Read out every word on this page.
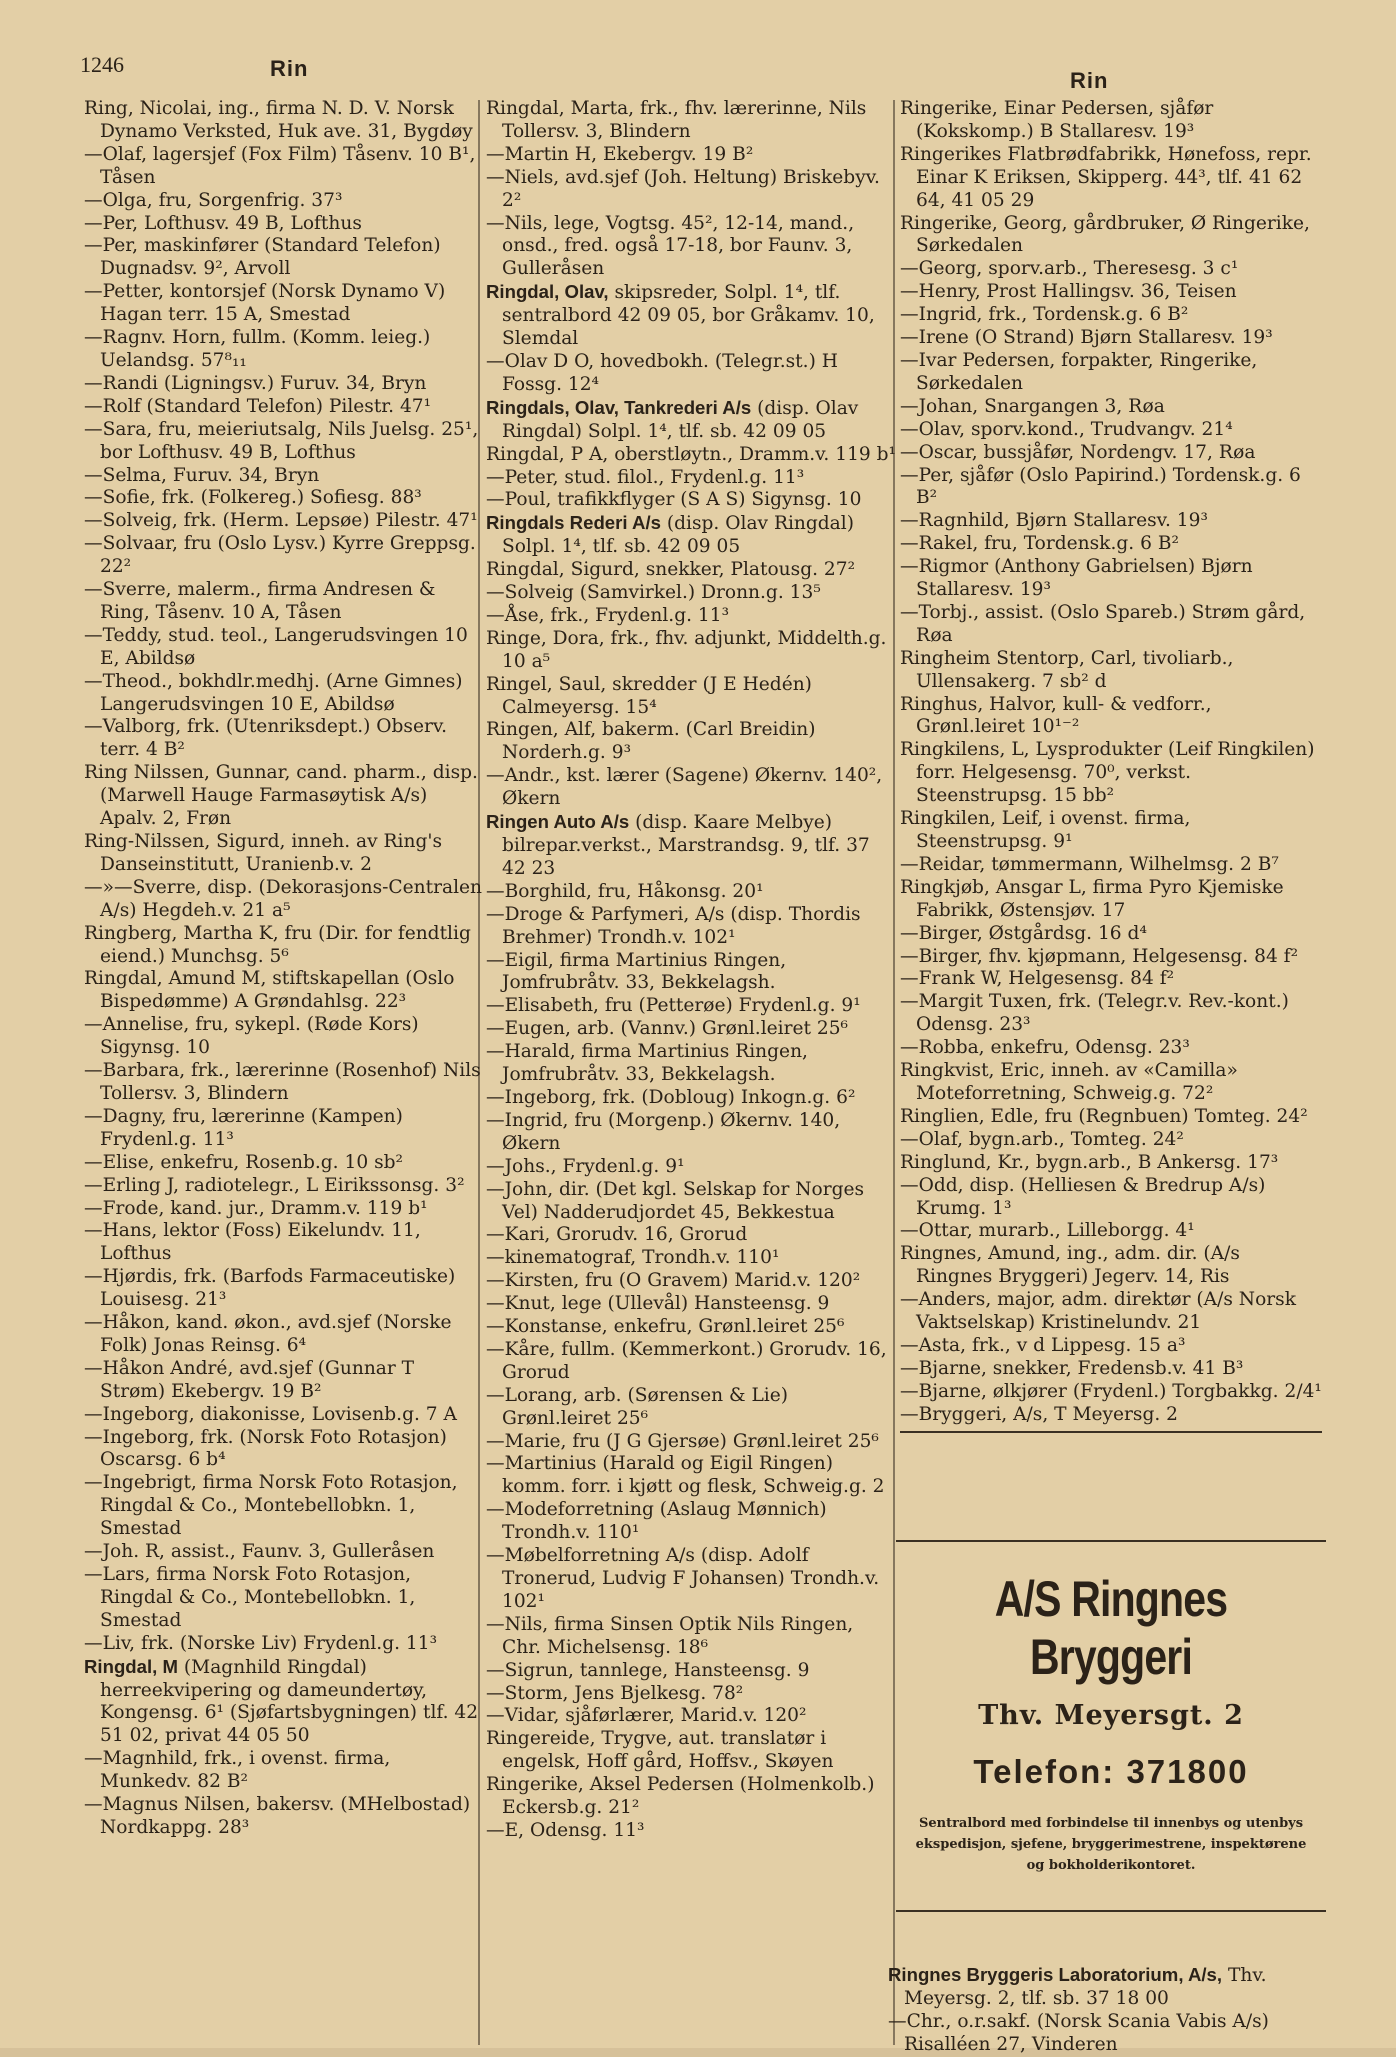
1246	Rin	Rin
Ring, Nicolai, ing., firma N. D. V. Norsk Dynamo Verksted, Huk ave. 31, Bygdøy
—Olaf, lagersjef (Fox Film) Tåsenv. 10 B¹, Tåsen
—Olga, fru, Sorgenfrig. 37³
—Per, Lofthusv. 49 B, Lofthus
—Per, maskinfører (Standard Telefon) Dugnadsv. 9², Arvoll
—Petter, kontorsjef (Norsk Dynamo V) Hagan terr. 15 A, Smestad
—Ragnv. Horn, fullm. (Komm. leieg.) Uelandsg. 57⁸₁₁
—Randi (Ligningsv.) Furuv. 34, Bryn
—Rolf (Standard Telefon) Pilestr. 47¹
—Sara, fru, meieriutsalg, Nils Juelsg. 25¹, bor Lofthusv. 49 B, Lofthus
—Selma, Furuv. 34, Bryn
—Sofie, frk. (Folkereg.) Sofiesg. 88³
—Solveig, frk. (Herm. Lepsøe) Pilestr. 47¹
—Solvaar, fru (Oslo Lysv.) Kyrre Greppsg. 22²
—Sverre, malerm., firma Andresen & Ring, Tåsenv. 10 A, Tåsen
—Teddy, stud. teol., Langerudsvingen 10 E, Abildsø
—Theod., bokhdlr.medhj. (Arne Gimnes) Langerudsvingen 10 E, Abildsø
—Valborg, frk. (Utenriksdept.) Observ. terr. 4 B²
Ring Nilssen, Gunnar, cand. pharm., disp. (Marwell Hauge Farmasøytisk A/s) Apalv. 2, Frøn
Ring-Nilssen, Sigurd, inneh. av Ring's Danseinstitutt, Uranienb.v. 2
—»—Sverre, disp. (Dekorasjons-Centralen A/s) Hegdeh.v. 21 a⁵
Ringberg, Martha K, fru (Dir. for fendtlig eiend.) Munchsg. 5⁶
Ringdal, Amund M, stiftskapellan (Oslo Bispedømme) A Grøndahlsg. 22³
—Annelise, fru, sykepl. (Røde Kors) Sigynsg. 10
—Barbara, frk., lærerinne (Rosenhof) Nils Tollersv. 3, Blindern
—Dagny, fru, lærerinne (Kampen) Frydenl.g. 11³
—Elise, enkefru, Rosenb.g. 10 sb²
—Erling J, radiotelegr., L Eirikssonsg. 3²
—Frode, kand. jur., Dramm.v. 119 b¹
—Hans, lektor (Foss) Eikelundv. 11, Lofthus
—Hjørdis, frk. (Barfods Farmaceutiske) Louisesg. 21³
—Håkon, kand. økon., avd.sjef (Norske Folk) Jonas Reinsg. 6⁴
—Håkon André, avd.sjef (Gunnar T Strøm) Ekebergv. 19 B²
—Ingeborg, diakonisse, Lovisenb.g. 7 A
—Ingeborg, frk. (Norsk Foto Rotasjon) Oscarsg. 6 b⁴
—Ingebrigt, firma Norsk Foto Rotasjon, Ringdal & Co., Montebellobkn. 1, Smestad
—Joh. R, assist., Faunv. 3, Gulleråsen
—Lars, firma Norsk Foto Rotasjon, Ringdal & Co., Montebellobkn. 1, Smestad
—Liv, frk. (Norske Liv) Frydenl.g. 11³
Ringdal, M (Magnhild Ringdal) herreekvipering og dameundertøy, Kongensg. 6¹ (Sjøfartsbygningen) tlf. 42 51 02, privat 44 05 50
—Magnhild, frk., i ovenst. firma, Munkedv. 82 B²
—Magnus Nilsen, bakersv. (MHelbostad) Nordkappg. 28³
Ringdal, Marta, frk., fhv. lærerinne, Nils Tollersv. 3, Blindern
—Martin H, Ekebergv. 19 B²
—Niels, avd.sjef (Joh. Heltung) Briskebyv. 2²
—Nils, lege, Vogtsg. 45², 12-14, mand., onsd., fred. også 17-18, bor Faunv. 3, Gulleråsen
Ringdal, Olav, skipsreder, Solpl. 1⁴, tlf. sentralbord 42 09 05, bor Gråkamv. 10, Slemdal
—Olav D O, hovedbokh. (Telegr.st.) H Fossg. 12⁴
Ringdals, Olav, Tankrederi A/s (disp. Olav Ringdal) Solpl. 1⁴, tlf. sb. 42 09 05
Ringdal, P A, oberstløytn., Dramm.v. 119 b¹
—Peter, stud. filol., Frydenl.g. 11³
—Poul, trafikkflyger (S A S) Sigynsg. 10
Ringdals Rederi A/s (disp. Olav Ringdal) Solpl. 1⁴, tlf. sb. 42 09 05
Ringdal, Sigurd, snekker, Platousg. 27²
—Solveig (Samvirkel.) Dronn.g. 13⁵
—Åse, frk., Frydenl.g. 11³
Ringe, Dora, frk., fhv. adjunkt, Middelth.g. 10 a⁵
Ringel, Saul, skredder (J E Hedén) Calmeyersg. 15⁴
Ringen, Alf, bakerm. (Carl Breidin) Norderh.g. 9³
—Andr., kst. lærer (Sagene) Økernv. 140², Økern
Ringen Auto A/s (disp. Kaare Melbye) bilrepar.verkst., Marstrandsg. 9, tlf. 37 42 23
—Borghild, fru, Håkonsg. 20¹
—Droge & Parfymeri, A/s (disp. Thordis Brehmer) Trondh.v. 102¹
—Eigil, firma Martinius Ringen, Jomfrubråtv. 33, Bekkelagsh.
—Elisabeth, fru (Petterøe) Frydenl.g. 9¹
—Eugen, arb. (Vannv.) Grønl.leiret 25⁶
—Harald, firma Martinius Ringen, Jomfrubråtv. 33, Bekkelagsh.
—Ingeborg, frk. (Dobloug) Inkogn.g. 6²
—Ingrid, fru (Morgenp.) Økernv. 140, Økern
—Johs., Frydenl.g. 9¹
—John, dir. (Det kgl. Selskap for Norges Vel) Nadderudjordet 45, Bekkestua
—Kari, Grorudv. 16, Grorud
—kinematograf, Trondh.v. 110¹
—Kirsten, fru (O Gravem) Marid.v. 120²
—Knut, lege (Ullevål) Hansteensg. 9
—Konstanse, enkefru, Grønl.leiret 25⁶
—Kåre, fullm. (Kemmerkont.) Grorudv. 16, Grorud
—Lorang, arb. (Sørensen & Lie) Grønl.leiret 25⁶
—Marie, fru (J G Gjersøe) Grønl.leiret 25⁶
—Martinius (Harald og Eigil Ringen) komm. forr. i kjøtt og flesk, Schweig.g. 2
—Modeforretning (Aslaug Mønnich) Trondh.v. 110¹
—Møbelforretning A/s (disp. Adolf Tronerud, Ludvig F Johansen) Trondh.v. 102¹
—Nils, firma Sinsen Optik Nils Ringen, Chr. Michelsensg. 18⁶
—Sigrun, tannlege, Hansteensg. 9
—Storm, Jens Bjelkesg. 78²
—Vidar, sjåførlærer, Marid.v. 120²
Ringereide, Trygve, aut. translatør i engelsk, Hoff gård, Hoffsv., Skøyen
Ringerike, Aksel Pedersen (Holmenkolb.) Eckersb.g. 21²
—E, Odensg. 11³
Ringerike, Einar Pedersen, sjåfør (Kokskomp.) B Stallaresv. 19³
Ringerikes Flatbrødfabrikk, Hønefoss, repr. Einar K Eriksen, Skipperg. 44³, tlf. 41 62 64, 41 05 29
Ringerike, Georg, gårdbruker, Ø Ringerike, Sørkedalen
—Georg, sporv.arb., Theresesg. 3 c¹
—Henry, Prost Hallingsv. 36, Teisen
—Ingrid, frk., Tordensk.g. 6 B²
—Irene (O Strand) Bjørn Stallaresv. 19³
—Ivar Pedersen, forpakter, Ringerike, Sørkedalen
—Johan, Snargangen 3, Røa
—Olav, sporv.kond., Trudvangv. 21⁴
—Oscar, bussjåfør, Nordengv. 17, Røa
—Per, sjåfør (Oslo Papirind.) Tordensk.g. 6 B²
—Ragnhild, Bjørn Stallaresv. 19³
—Rakel, fru, Tordensk.g. 6 B²
—Rigmor (Anthony Gabrielsen) Bjørn Stallaresv. 19³
—Torbj., assist. (Oslo Spareb.) Strøm gård, Røa
Ringheim Stentorp, Carl, tivoliarb., Ullensakerg. 7 sb² d
Ringhus, Halvor, kull- & vedforr., Grønl.leiret 10¹⁻²
Ringkilens, L, Lysprodukter (Leif Ringkilen) forr. Helgesensg. 70⁰, verkst. Steenstrupsg. 15 bb²
Ringkilen, Leif, i ovenst. firma, Steenstrupsg. 9¹
—Reidar, tømmermann, Wilhelmsg. 2 B⁷
Ringkjøb, Ansgar L, firma Pyro Kjemiske Fabrikk, Østensjøv. 17
—Birger, Østgårdsg. 16 d⁴
—Birger, fhv. kjøpmann, Helgesensg. 84 f²
—Frank W, Helgesensg. 84 f²
—Margit Tuxen, frk. (Telegr.v. Rev.-kont.) Odensg. 23³
—Robba, enkefru, Odensg. 23³
Ringkvist, Eric, inneh. av «Camilla» Moteforretning, Schweig.g. 72²
Ringlien, Edle, fru (Regnbuen) Tomteg. 24²
—Olaf, bygn.arb., Tomteg. 24²
Ringlund, Kr., bygn.arb., B Ankersg. 17³
—Odd, disp. (Helliesen & Bredrup A/s) Krumg. 1³
—Ottar, murarb., Lilleborgg. 4¹
Ringnes, Amund, ing., adm. dir. (A/s Ringnes Bryggeri) Jegerv. 14, Ris
—Anders, major, adm. direktør (A/s Norsk Vaktselskap) Kristinelundv. 21
—Asta, frk., v d Lippesg. 15 a³
—Bjarne, snekker, Fredensb.v. 41 B³
—Bjarne, ølkjører (Frydenl.) Torgbakkg. 2/4¹
—Bryggeri, A/s, T Meyersg. 2
A/S Ringnes Bryggeri
Thv. Meyersgt. 2
Telefon: 371800
Sentralbord med forbindelse til innenbys og utenbys ekspedisjon, sjefene, bryggerimestrene, inspektørene og bokholderikontoret.
Ringnes Bryggeris Laboratorium, A/s, Thv. Meyersg. 2, tlf. sb. 37 18 00
—Chr., o.r.sakf. (Norsk Scania Vabis A/s) Risalléen 27, Vinderen
